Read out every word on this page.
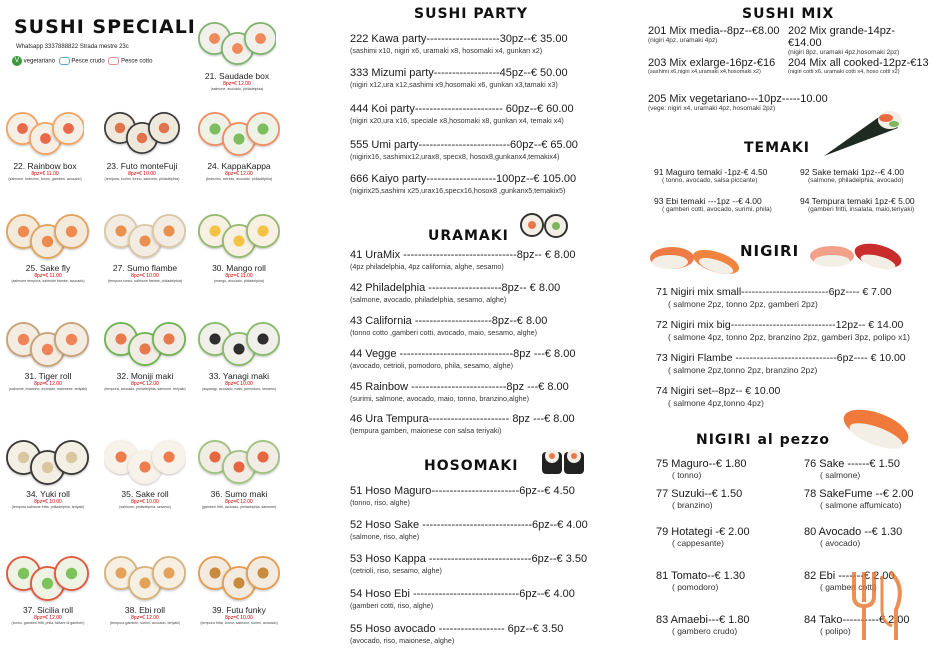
SUSHI SPECIALI
Whatsapp 3337888822 Strada mestre 23c
V vegetariano	Pesce crudo	Pesce cotto
21. Saudade box
8pz=€ 12.00
(salmone, avocado, philadelphia)
22. Rainbow box
8pz=€ 11.00
(salmone, branzino, tonno, gamberi, avocado)
23. Futo monteFuji
8pz=€ 10.00
(tempura, surimi, tonno, salmone, philadelphia)
24. KappaKappa
8pz=€ 12.00
(branzino, cetriolo, avocado, philadelphia)
25. Sake fly
8pz=€ 11.00
(salmone tempura, salmone fiambe, avocado)
27. Sumo flambe
8pz=€ 10.00
(tempura tonno, salmone fiambe, philadelphia)
30. Mango roll
8pz=€ 11.00
(mango, avocado, philadelphia)
31. Tiger roll
8pz=€ 12.00
(salmone, branzino, avocado, maionese, teriyaki)
32. Moniji maki
8pz=€ 12.00
(tempura, avocado, philadelphia, salmone, teriyaki)
33. Yanagi maki
8pz=€ 10.00
(asparagi, avocado, mais, pomodoro, sesamo)
34. Yuki roll
8pz=€ 10.00
(tempura salmone fritta, philadelphia, teriyaki)
35. Sake roll
8pz=€ 10.00
(salmone, philadelphia, sesamo)
36. Sumo maki
8pz=€ 12.00
(gamberi fritti, avocado, philadelphia, salmone)
37. Sicilia roll
8pz=€ 12.00
(tonno, gamberi fritti, phila, tartare di gamberi)
38. Ebi roll
8pz=€ 12.00
(tempura gamberi, surimi, avocado, teriyaki)
39. Futu funky
8pz=€ 10.00
(tempura fritta, tonno, salmone, surimi, avocado)
SUSHI PARTY
222 Kawa party--------------------30pz--€ 35.00
(sashimi x10, nigiri x6, uramaki x8, hosomaki x4, gunkan x2)
333 Mizumi party------------------45pz--€ 50.00
(nigiri x12,ura x12,sashimi x9,hosomaki x6, gunkan x3,tamaki x3)
444 Koi party------------------------ 60pz--€ 60.00
(nigiri x20,ura x16, speciale x8,hosomaki x8, gunkan x4, temaki x4)
555 Umi party-------------------------60pz--€ 65.00
(nigirix16, sashimix12,urax8, specx8, hosox8,gunkanx4,temakix4)
666 Kaiyo party-------------------100pz--€ 105.00
(nigirix25,sashimi x25,urax16,specx16,hosox8 ,gunkanx5,temakix5)
URAMAKI
41 UraMix -------------------------------8pz-- € 8.00
(4pz philadelphia, 4pz california, alghe, sesamo)
42 Philadelphia --------------------8pz-- € 8.00
(salmone, avocado, philadelphia, sesamo, alghe)
43 California ---------------------8pz--€ 8.00
(tonno cotto ,gamberi cotti, avocado, maio, sesamo, alghe)
44 Vegge -------------------------------8pz ---€ 8.00
(avocado, cetrioli, pomodoro, phila, sesamo, alghe)
45 Rainbow --------------------------8pz ---€ 8.00
(surimi, salmone, avocado, maio, tonno, branzino,alghe)
46 Ura Tempura---------------------- 8pz ---€ 8.00
(tempura gamberi, maionese con salsa teriyaki)
HOSOMAKI
51 Hoso Maguro------------------------6pz--€ 4.50
(tonno, riso, alghe)
52 Hoso Sake ------------------------------6pz--€ 4.00
(salmone, riso, alghe)
53 Hoso Kappa ----------------------------6pz--€ 3.50
(cetrioli, riso, sesamo, alghe)
54 Hoso Ebi -----------------------------6pz--€ 4.00
(gamberi cotti, riso, alghe)
55 Hoso avocado ------------------ 6pz--€ 3.50
(avocado, riso, maionese, alghe)
SUSHI MIX
201 Mix media--8pz--€8.00
(nigiri 4pz, uramaki 4pz)
202 Mix grande-14pz-€14.00
(nigiri 8pz, uramaki 4pz,hosomaki 2pz)
203 Mix exlarge-16pz-€16
(sashimi x6,nigiri x4,uramaki x4,hosomaki x2)
204 Mix all cooked-12pz-€13
(nigiri cotti x6, uramaki cotti x4, hoso cotti x2)
205 Mix vegetariano---10pz-----10.00
(vege: nigiri x4, uramaki 4pz, hosomaki 2pz)
TEMAKI
91 Maguro temaki -1pz-€ 4.50
( tonno, avocado, salsa piccante)
92 Sake temaki 1pz--€ 4.00
(salmone, philadelphia, avocado)
93 Ebi temaki ---1pz --€ 4.00
( gamberi cotti, avocado, surimi, phila)
94 Tempura temaki 1pz-€ 5.00
(gamberi fritti, insalata, maio,teriyaki)
NIGIRI
71 Nigiri mix small-------------------------6pz---- € 7.00
( salmone 2pz, tonno 2pz, gamberi 2pz)
72 Nigiri mix big------------------------------12pz-- € 14.00
( salmone 4pz, tonno 2pz, branzino 2pz, gamberi 3pz, polipo x1)
73 Nigiri Flambe -----------------------------6pz---- € 10.00
( salmone 2pz,tonno 2pz, branzino 2pz)
74 Nigiri set--8pz-- € 10.00
( salmone 4pz,tonno 4pz)
NIGIRI al pezzo
75 Maguro--€ 1.80
( tonno)
76 Sake ------€ 1.50
( salmone)
77 Suzuki--€ 1.50
( branzino)
78 SakeFume --€ 2.00
( salmone affumicato)
79 Hotategi -€ 2.00
( cappesante)
80 Avocado --€ 1.30
( avocado)
81 Tomato--€ 1.30
( pomodoro)
82 Ebi -------€ 2.00
( gamberi cotti)
83 Amaebi---€ 1.80
( gambero crudo)
84 Tako----------€ 2.00
( polipo)
